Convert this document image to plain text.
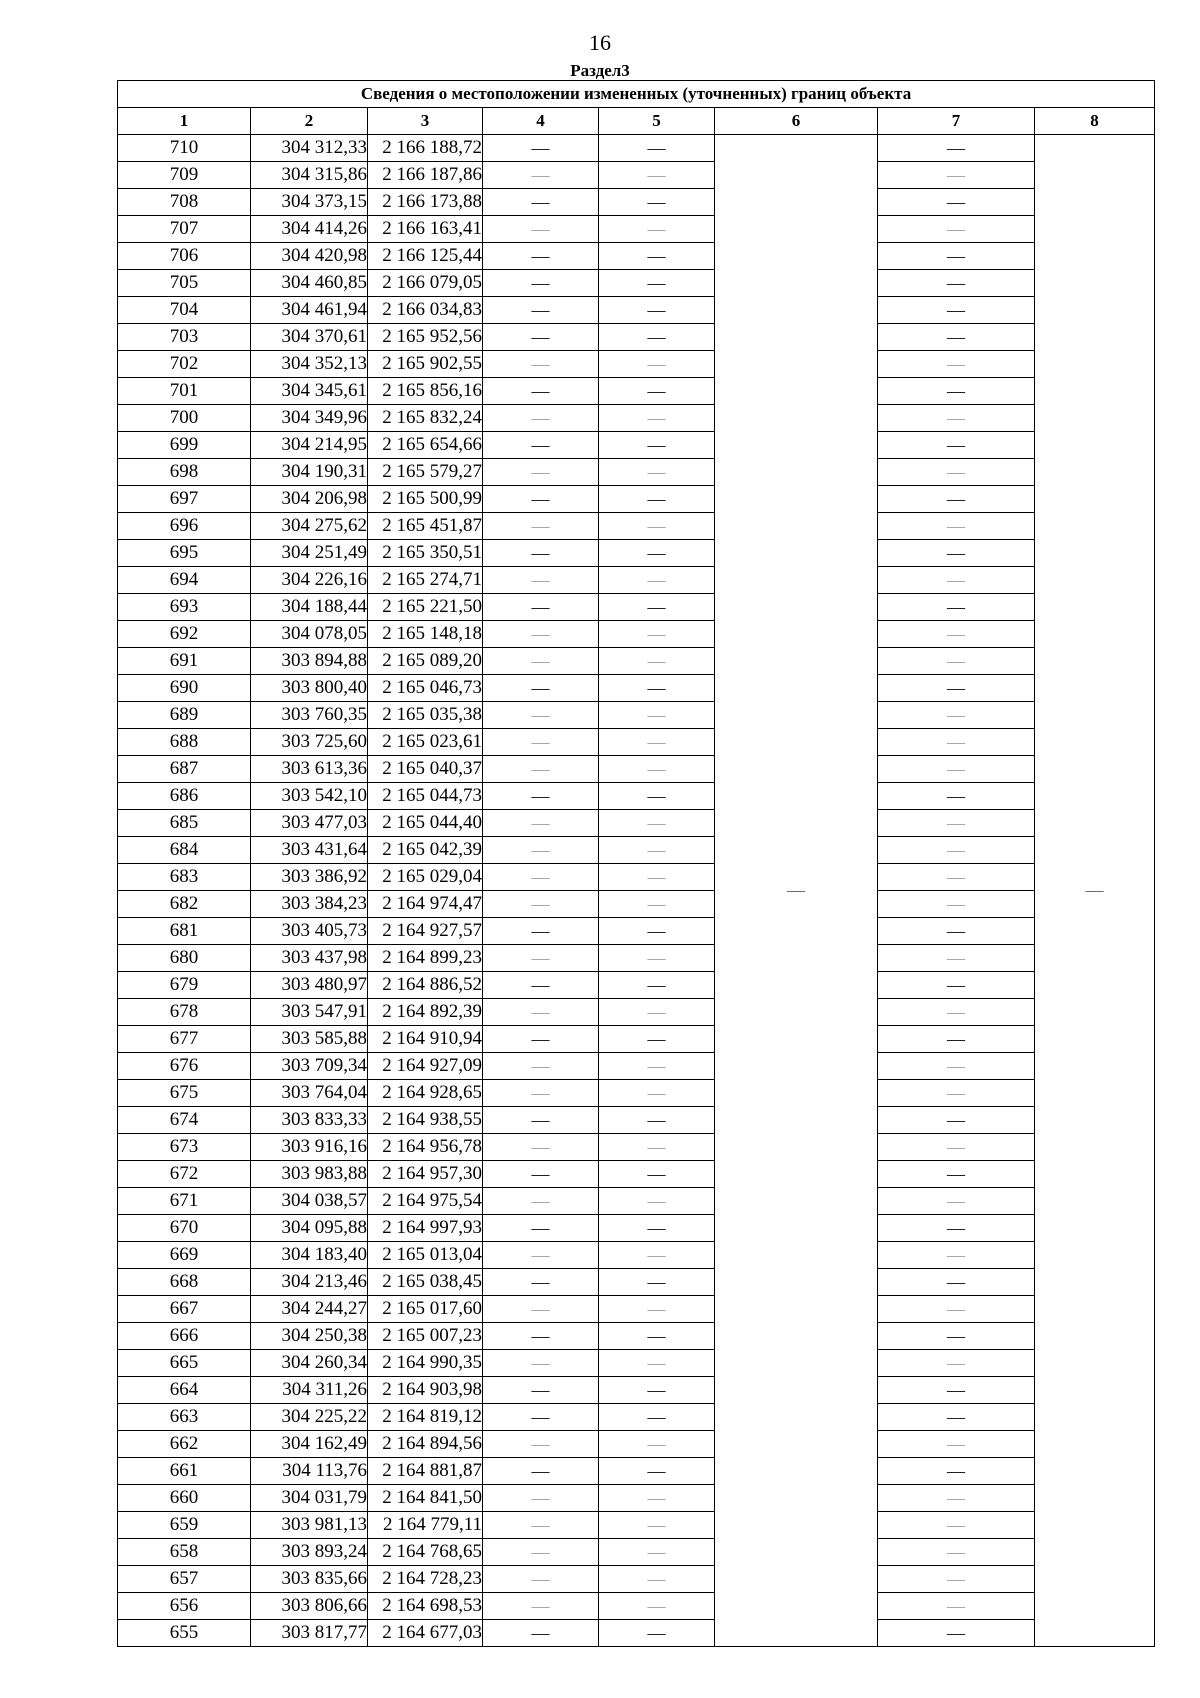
16
Раздел3
Сведения о местоположении измененных (уточненных) границ объекта							
1	2	3	4	5	6	7	8
710	304 312,33	2 166 188,72	—	—	—	—	—
709	304 315,86	2 166 187,86	—	—		—	
708	304 373,15	2 166 173,88	—	—		—	
707	304 414,26	2 166 163,41	—	—		—	
706	304 420,98	2 166 125,44	—	—		—	
705	304 460,85	2 166 079,05	—	—		—	
704	304 461,94	2 166 034,83	—	—		—	
703	304 370,61	2 165 952,56	—	—		—	
702	304 352,13	2 165 902,55	—	—		—	
701	304 345,61	2 165 856,16	—	—		—	
700	304 349,96	2 165 832,24	—	—		—	
699	304 214,95	2 165 654,66	—	—		—	
698	304 190,31	2 165 579,27	—	—		—	
697	304 206,98	2 165 500,99	—	—		—	
696	304 275,62	2 165 451,87	—	—		—	
695	304 251,49	2 165 350,51	—	—		—	
694	304 226,16	2 165 274,71	—	—		—	
693	304 188,44	2 165 221,50	—	—		—	
692	304 078,05	2 165 148,18	—	—		—	
691	303 894,88	2 165 089,20	—	—		—	
690	303 800,40	2 165 046,73	—	—		—	
689	303 760,35	2 165 035,38	—	—		—	
688	303 725,60	2 165 023,61	—	—		—	
687	303 613,36	2 165 040,37	—	—		—	
686	303 542,10	2 165 044,73	—	—		—	
685	303 477,03	2 165 044,40	—	—		—	
684	303 431,64	2 165 042,39	—	—		—	
683	303 386,92	2 165 029,04	—	—		—	
682	303 384,23	2 164 974,47	—	—		—	
681	303 405,73	2 164 927,57	—	—		—	
680	303 437,98	2 164 899,23	—	—		—	
679	303 480,97	2 164 886,52	—	—		—	
678	303 547,91	2 164 892,39	—	—		—	
677	303 585,88	2 164 910,94	—	—		—	
676	303 709,34	2 164 927,09	—	—		—	
675	303 764,04	2 164 928,65	—	—		—	
674	303 833,33	2 164 938,55	—	—		—	
673	303 916,16	2 164 956,78	—	—		—	
672	303 983,88	2 164 957,30	—	—		—	
671	304 038,57	2 164 975,54	—	—		—	
670	304 095,88	2 164 997,93	—	—		—	
669	304 183,40	2 165 013,04	—	—		—	
668	304 213,46	2 165 038,45	—	—		—	
667	304 244,27	2 165 017,60	—	—		—	
666	304 250,38	2 165 007,23	—	—		—	
665	304 260,34	2 164 990,35	—	—		—	
664	304 311,26	2 164 903,98	—	—		—	
663	304 225,22	2 164 819,12	—	—		—	
662	304 162,49	2 164 894,56	—	—		—	
661	304 113,76	2 164 881,87	—	—		—	
660	304 031,79	2 164 841,50	—	—		—	
659	303 981,13	2 164 779,11	—	—		—	
658	303 893,24	2 164 768,65	—	—		—	
657	303 835,66	2 164 728,23	—	—		—	
656	303 806,66	2 164 698,53	—	—		—	
655	303 817,77	2 164 677,03	—	—		—	
